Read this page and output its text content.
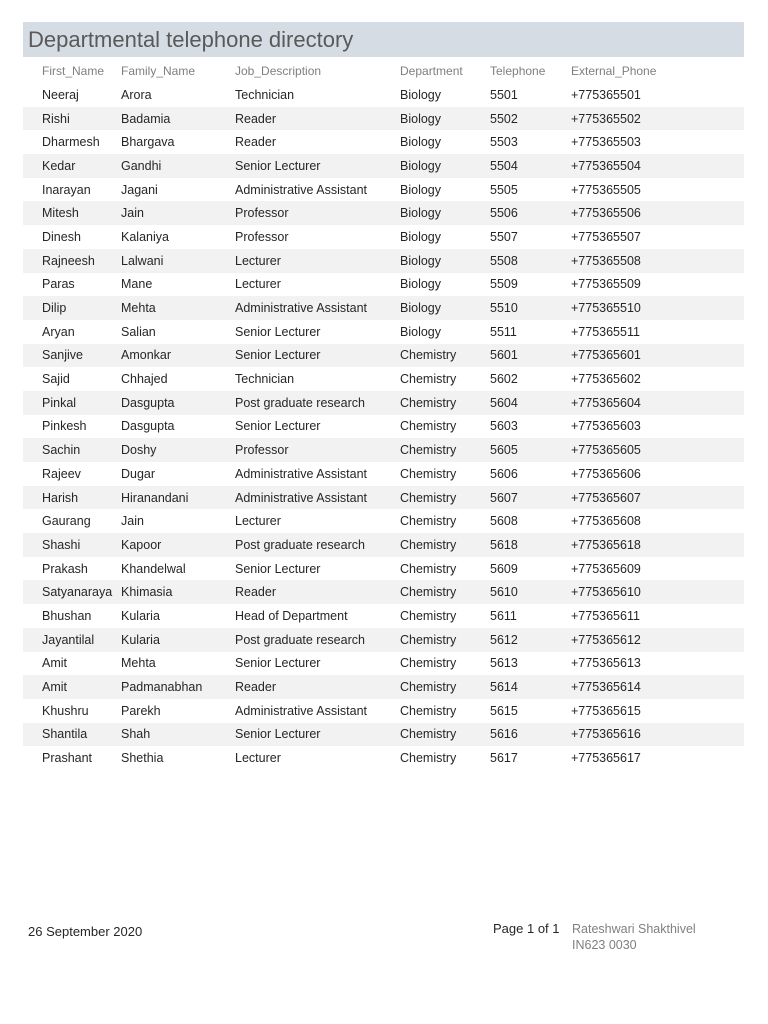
Departmental telephone directory
First_Name	Family_Name	Job_Description	Department	Telephone	External_Phone
Neeraj	Arora	Technician	Biology	5501	+775365501
Rishi	Badamia	Reader	Biology	5502	+775365502
Dharmesh	Bhargava	Reader	Biology	5503	+775365503
Kedar	Gandhi	Senior Lecturer	Biology	5504	+775365504
Inarayan	Jagani	Administrative Assistant	Biology	5505	+775365505
Mitesh	Jain	Professor	Biology	5506	+775365506
Dinesh	Kalaniya	Professor	Biology	5507	+775365507
Rajneesh	Lalwani	Lecturer	Biology	5508	+775365508
Paras	Mane	Lecturer	Biology	5509	+775365509
Dilip	Mehta	Administrative Assistant	Biology	5510	+775365510
Aryan	Salian	Senior Lecturer	Biology	5511	+775365511
Sanjive	Amonkar	Senior Lecturer	Chemistry	5601	+775365601
Sajid	Chhajed	Technician	Chemistry	5602	+775365602
Pinkal	Dasgupta	Post graduate research	Chemistry	5604	+775365604
Pinkesh	Dasgupta	Senior Lecturer	Chemistry	5603	+775365603
Sachin	Doshy	Professor	Chemistry	5605	+775365605
Rajeev	Dugar	Administrative Assistant	Chemistry	5606	+775365606
Harish	Hiranandani	Administrative Assistant	Chemistry	5607	+775365607
Gaurang	Jain	Lecturer	Chemistry	5608	+775365608
Shashi	Kapoor	Post graduate research	Chemistry	5618	+775365618
Prakash	Khandelwal	Senior Lecturer	Chemistry	5609	+775365609
Satyanaraya	Khimasia	Reader	Chemistry	5610	+775365610
Bhushan	Kularia	Head of Department	Chemistry	5611	+775365611
Jayantilal	Kularia	Post graduate research	Chemistry	5612	+775365612
Amit	Mehta	Senior Lecturer	Chemistry	5613	+775365613
Amit	Padmanabhan	Reader	Chemistry	5614	+775365614
Khushru	Parekh	Administrative Assistant	Chemistry	5615	+775365615
Shantila	Shah	Senior Lecturer	Chemistry	5616	+775365616
Prashant	Shethia	Lecturer	Chemistry	5617	+775365617
26 September 2020	Page 1 of 1 Rateshwari Shakthivel
IN623 0030
